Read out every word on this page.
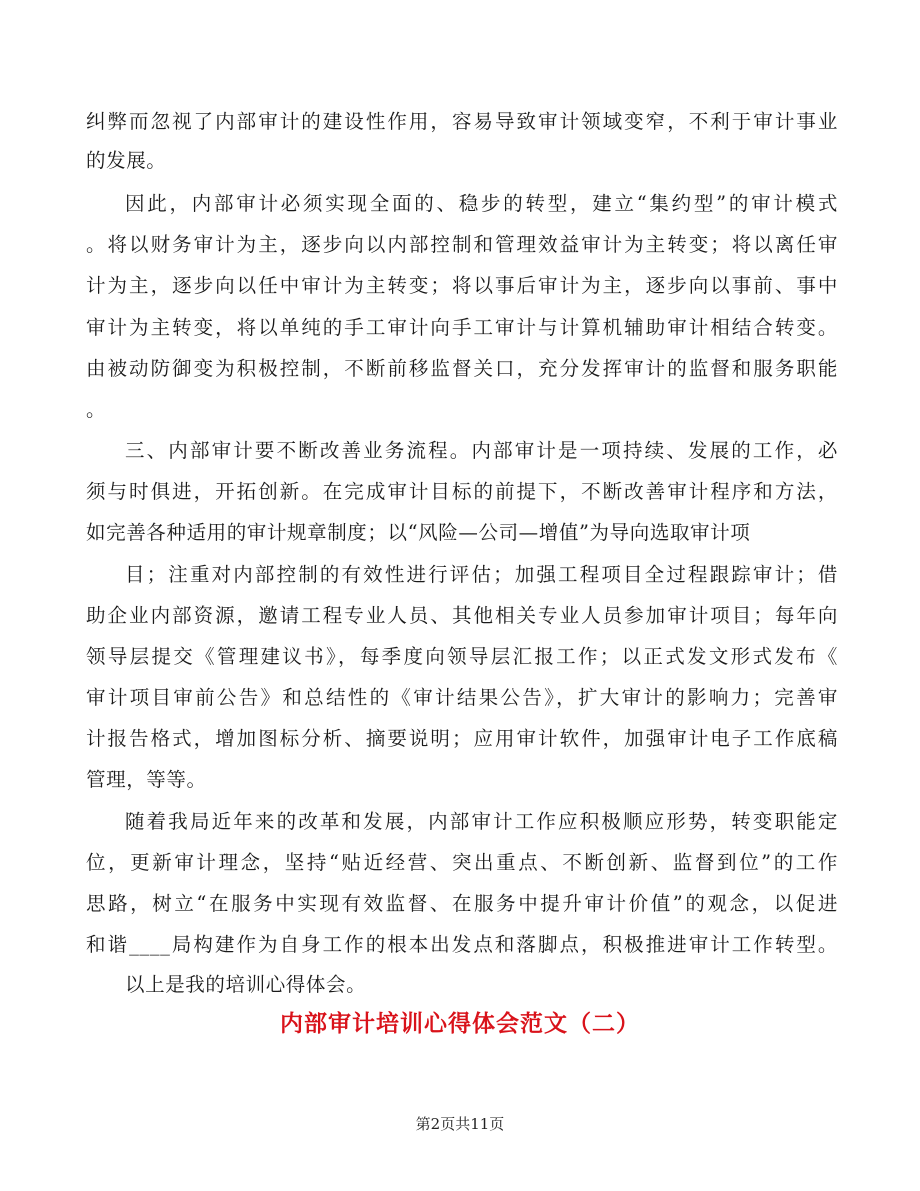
纠弊而忽视了内部审计的建设性作用，容易导致审计领域变窄，不利于审计事业
的发展。
因此，内部审计必须实现全面的、稳步的转型，建立“集约型”的审计模式
。将以财务审计为主，逐步向以内部控制和管理效益审计为主转变；将以离任审
计为主，逐步向以任中审计为主转变；将以事后审计为主，逐步向以事前、事中
审计为主转变，将以单纯的手工审计向手工审计与计算机辅助审计相结合转变。
由被动防御变为积极控制，不断前移监督关口，充分发挥审计的监督和服务职能
。
三、内部审计要不断改善业务流程。内部审计是一项持续、发展的工作，必
须与时俱进，开拓创新。在完成审计目标的前提下，不断改善审计程序和方法，
如完善各种适用的审计规章制度；以“风险—公司—增值”为导向选取审计项
目；注重对内部控制的有效性进行评估；加强工程项目全过程跟踪审计；借
助企业内部资源，邀请工程专业人员、其他相关专业人员参加审计项目；每年向
领导层提交《管理建议书》，每季度向领导层汇报工作；以正式发文形式发布《
审计项目审前公告》和总结性的《审计结果公告》，扩大审计的影响力；完善审
计报告格式，增加图标分析、摘要说明；应用审计软件，加强审计电子工作底稿
管理，等等。
随着我局近年来的改革和发展，内部审计工作应积极顺应形势，转变职能定
位，更新审计理念，坚持“贴近经营、突出重点、不断创新、监督到位”的工作
思路，树立“在服务中实现有效监督、在服务中提升审计价值”的观念，以促进
和谐____局构建作为自身工作的根本出发点和落脚点，积极推进审计工作转型。
以上是我的培训心得体会。
内部审计培训心得体会范文（二）
第2页共11页
